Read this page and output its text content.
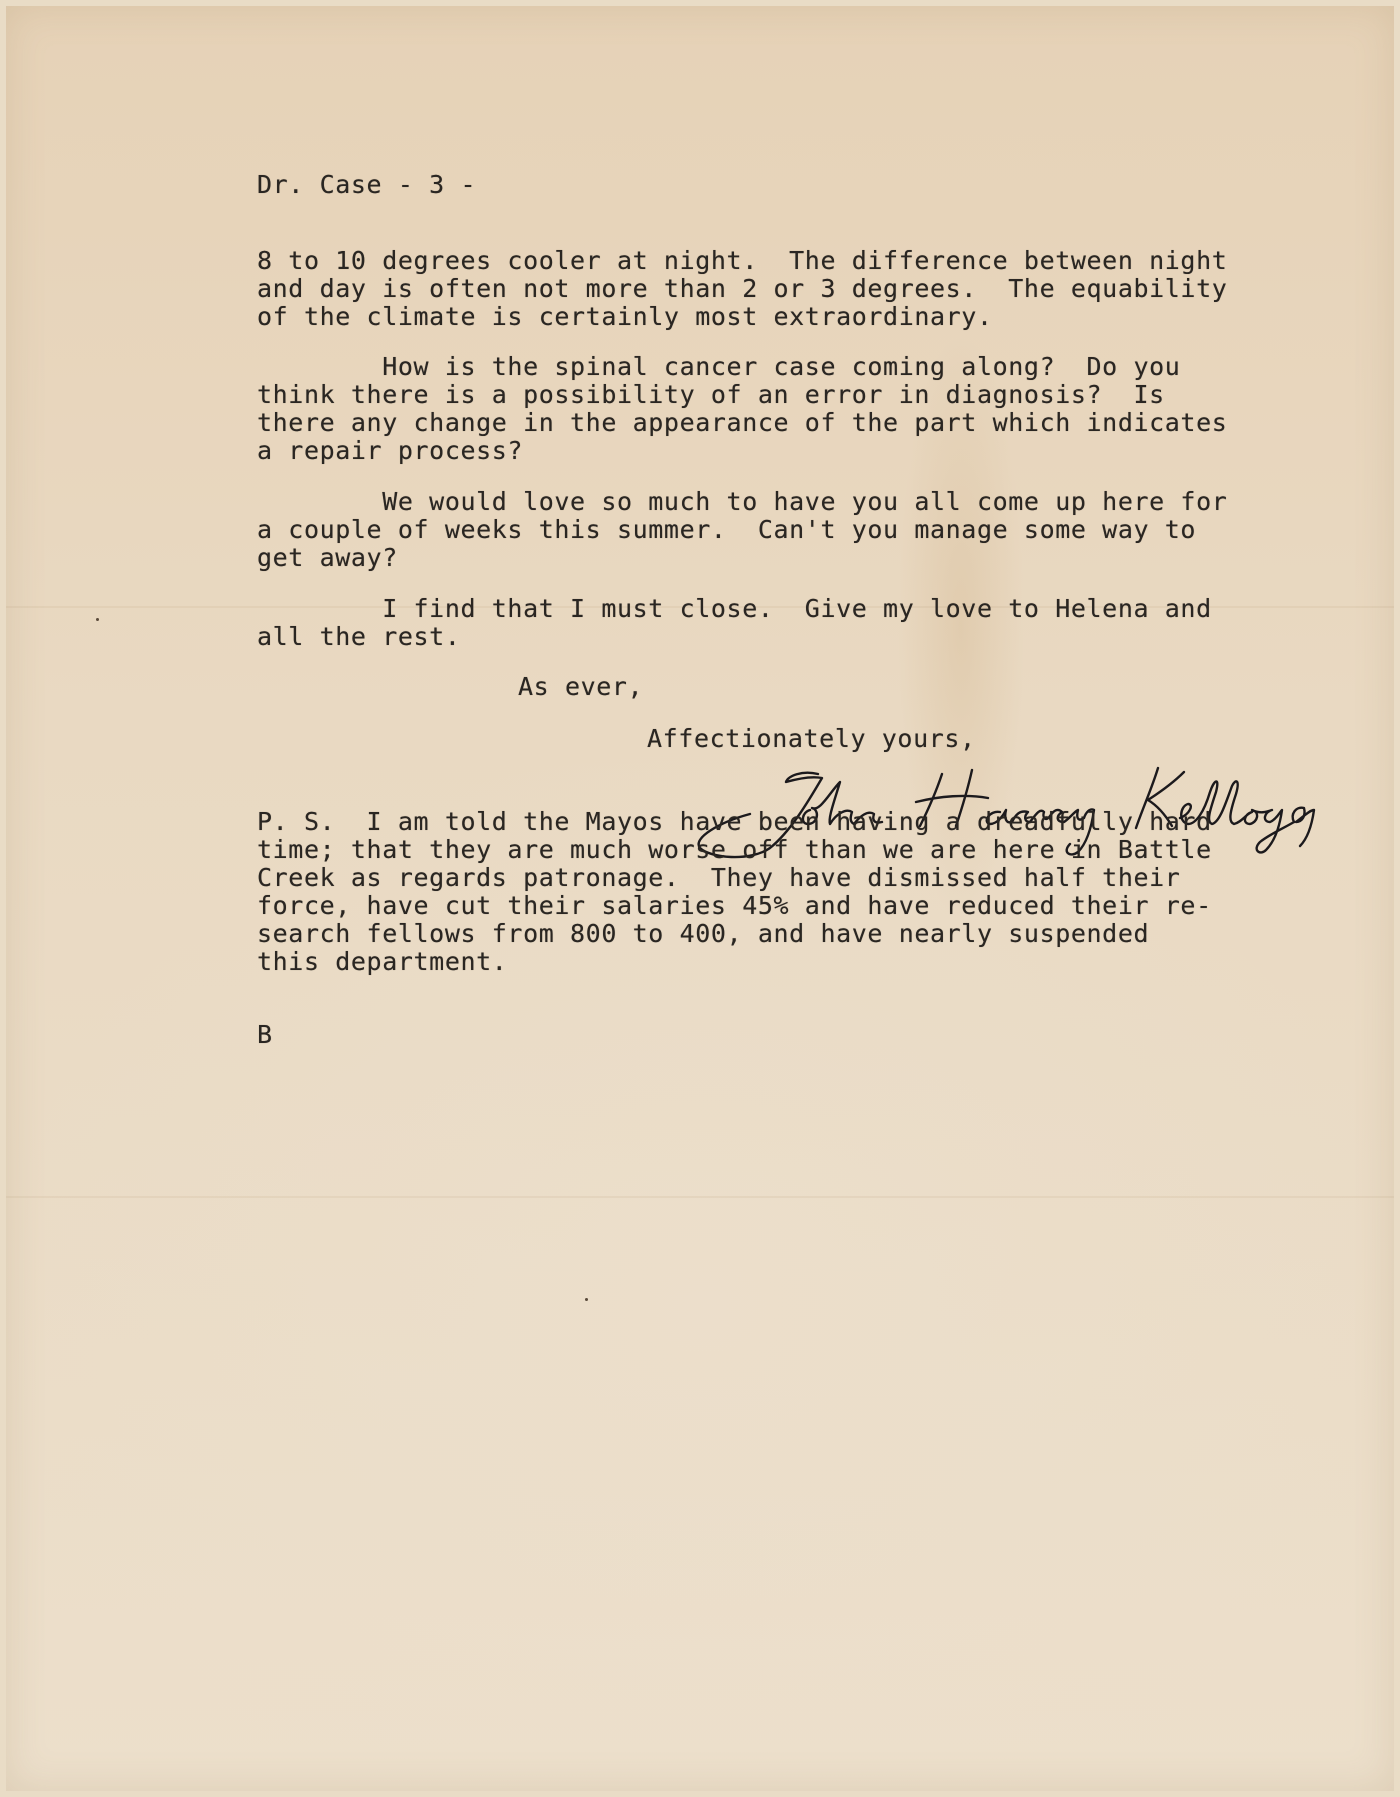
Dr. Case - 3 -

8 to 10 degrees cooler at night.  The difference between night

and day is often not more than 2 or 3 degrees.  The equability

of the climate is certainly most extraordinary.

How is the spinal cancer case coming along?  Do you

think there is a possibility of an error in diagnosis?  Is

there any change in the appearance of the part which indicates

a repair process?

We would love so much to have you all come up here for

a couple of weeks this summer.  Can't you manage some way to

get away?

I find that I must close.  Give my love to Helena and

all the rest.

As ever,

Affectionately yours,

P. S.  I am told the Mayos have been having a dreadfully hard

time; that they are much worse off than we are here in Battle

Creek as regards patronage.  They have dismissed half their

force, have cut their salaries 45% and have reduced their re-

search fellows from 800 to 400, and have nearly suspended

this department.

B
